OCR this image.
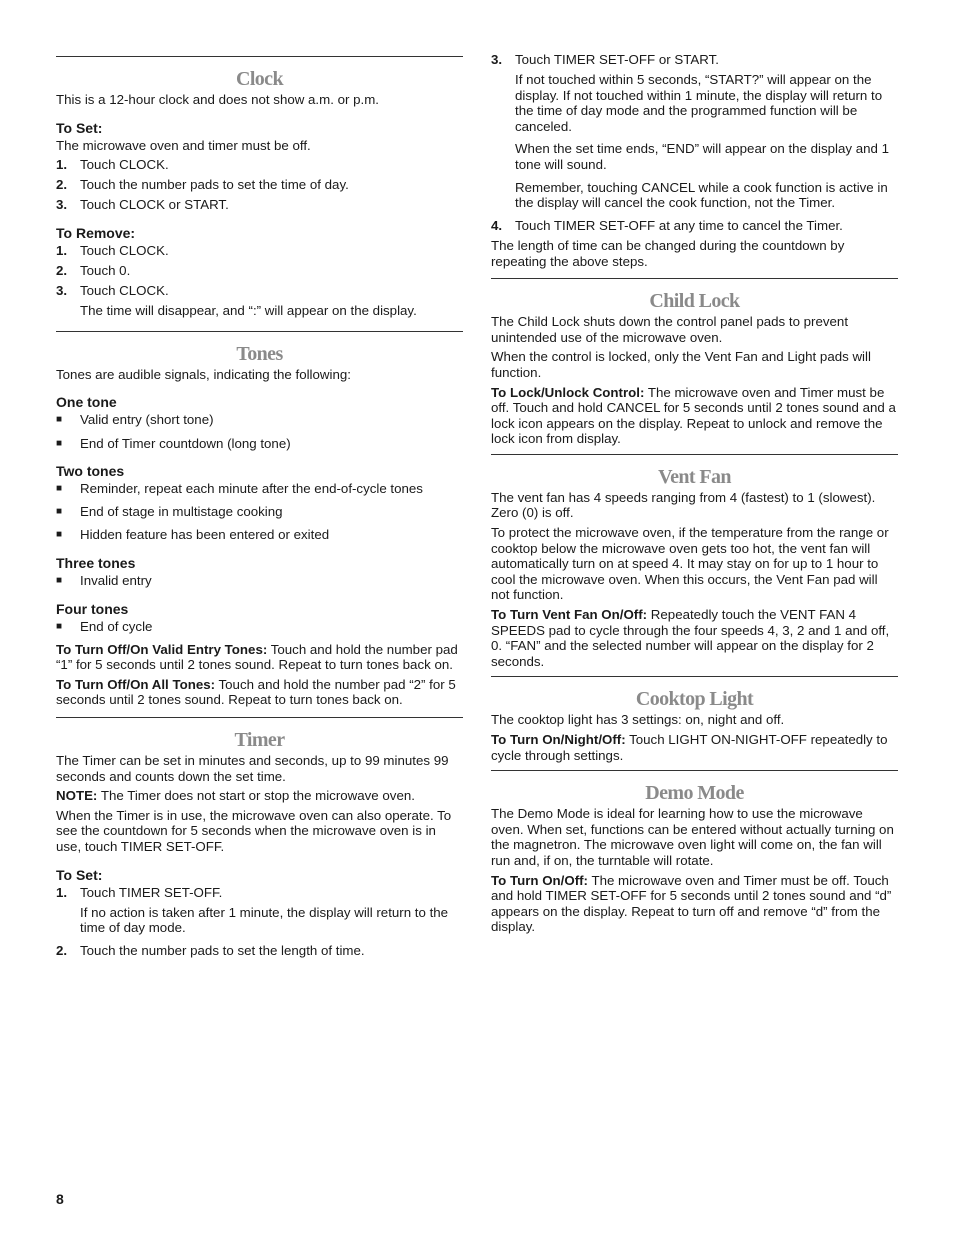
Clock

This is a 12-hour clock and does not show a.m. or p.m.

To Set:

The microwave oven and timer must be off.

1. Touch CLOCK.
2. Touch the number pads to set the time of day.
3. Touch CLOCK or START.
To Remove:
1. Touch CLOCK.
2. Touch 0.
3. Touch CLOCK.

The time will disappear, and “:” will appear on the display.

Tones

Tones are audible signals, indicating the following:

One tone
■	Valid entry (short tone)
■	End of Timer countdown (long tone)
Two tones
■	Reminder, repeat each minute after the end-of-cycle tones
■	End of stage in multistage cooking
■	Hidden feature has been entered or exited
Three tones
■	Invalid entry
Four tones
■	End of cycle

To Turn Off/On Valid Entry Tones: Touch and hold the number pad “1” for 5 seconds until 2 tones sound. Repeat to turn tones back on.

To Turn Off/On All Tones: Touch and hold the number pad “2” for 5 seconds until 2 tones sound. Repeat to turn tones back on.

Timer

The Timer can be set in minutes and seconds, up to 99 minutes 99 seconds and counts down the set time.

NOTE: The Timer does not start or stop the microwave oven.

When the Timer is in use, the microwave oven can also operate. To see the countdown for 5 seconds when the microwave oven is in use, touch TIMER SET-OFF.

To Set:
1. Touch TIMER SET-OFF.

If no action is taken after 1 minute, the display will return to the time of day mode.

2. Touch the number pads to set the length of time.
3. Touch TIMER SET-OFF or START.

If not touched within 5 seconds, “START?” will appear on the display. If not touched within 1 minute, the display will return to the time of day mode and the programmed function will be canceled.

When the set time ends, “END” will appear on the display and 1 tone will sound.

Remember, touching CANCEL while a cook function is active in the display will cancel the cook function, not the Timer.

4. Touch TIMER SET-OFF at any time to cancel the Timer.

The length of time can be changed during the countdown by repeating the above steps.

Child Lock

The Child Lock shuts down the control panel pads to prevent unintended use of the microwave oven.

When the control is locked, only the Vent Fan and Light pads will function.

To Lock/Unlock Control: The microwave oven and Timer must be off. Touch and hold CANCEL for 5 seconds until 2 tones sound and a lock icon appears on the display. Repeat to unlock and remove the lock icon from display.

Vent Fan

The vent fan has 4 speeds ranging from 4 (fastest) to 1 (slowest). Zero (0) is off.

To protect the microwave oven, if the temperature from the range or cooktop below the microwave oven gets too hot, the vent fan will automatically turn on at speed 4. It may stay on for up to 1 hour to cool the microwave oven. When this occurs, the Vent Fan pad will not function.

To Turn Vent Fan On/Off: Repeatedly touch the VENT FAN 4 SPEEDS pad to cycle through the four speeds 4, 3, 2 and 1 and off, 0. “FAN” and the selected number will appear on the display for 2 seconds.

Cooktop Light

The cooktop light has 3 settings: on, night and off.

To Turn On/Night/Off: Touch LIGHT ON-NIGHT-OFF repeatedly to cycle through settings.

Demo Mode

The Demo Mode is ideal for learning how to use the microwave oven. When set, functions can be entered without actually turning on the magnetron. The microwave oven light will come on, the fan will run and, if on, the turntable will rotate.

To Turn On/Off: The microwave oven and Timer must be off. Touch and hold TIMER SET-OFF for 5 seconds until 2 tones sound and “d” appears on the display. Repeat to turn off and remove “d” from the display.

8
